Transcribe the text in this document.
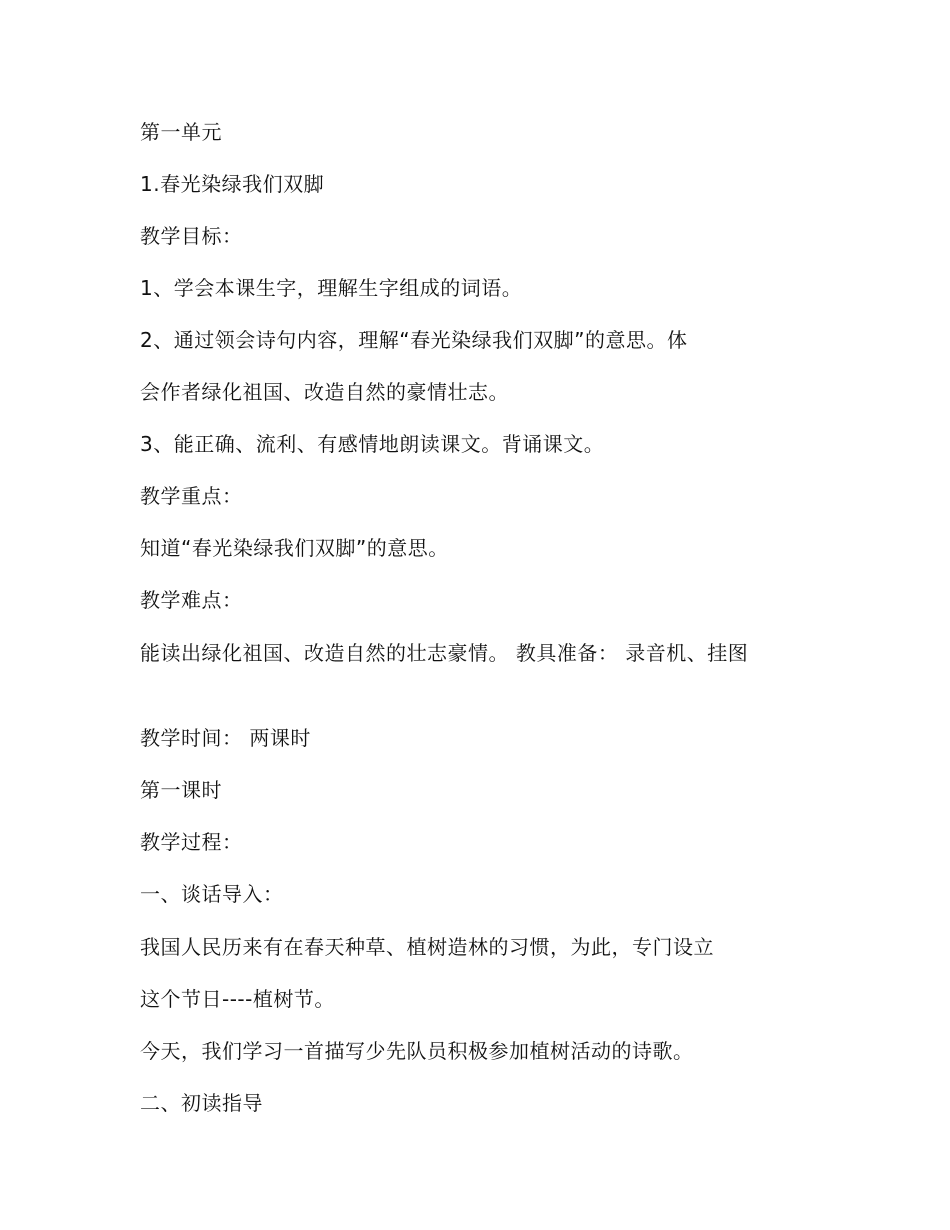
第一单元
1.春光染绿我们双脚
教学目标：
1、学会本课生字，理解生字组成的词语。
2、通过领会诗句内容，理解“春光染绿我们双脚”的意思。体
会作者绿化祖国、改造自然的豪情壮志。
3、能正确、流利、有感情地朗读课文。背诵课文。
教学重点：
知道“春光染绿我们双脚”的意思。
教学难点：
能读出绿化祖国、改造自然的壮志豪情。 教具准备： 录音机、挂图
教学时间： 两课时
第一课时
教学过程：
一、谈话导入：
我国人民历来有在春天种草、植树造林的习惯，为此，专门设立
这个节日----植树节。
今天，我们学习一首描写少先队员积极参加植树活动的诗歌。
二、初读指导
